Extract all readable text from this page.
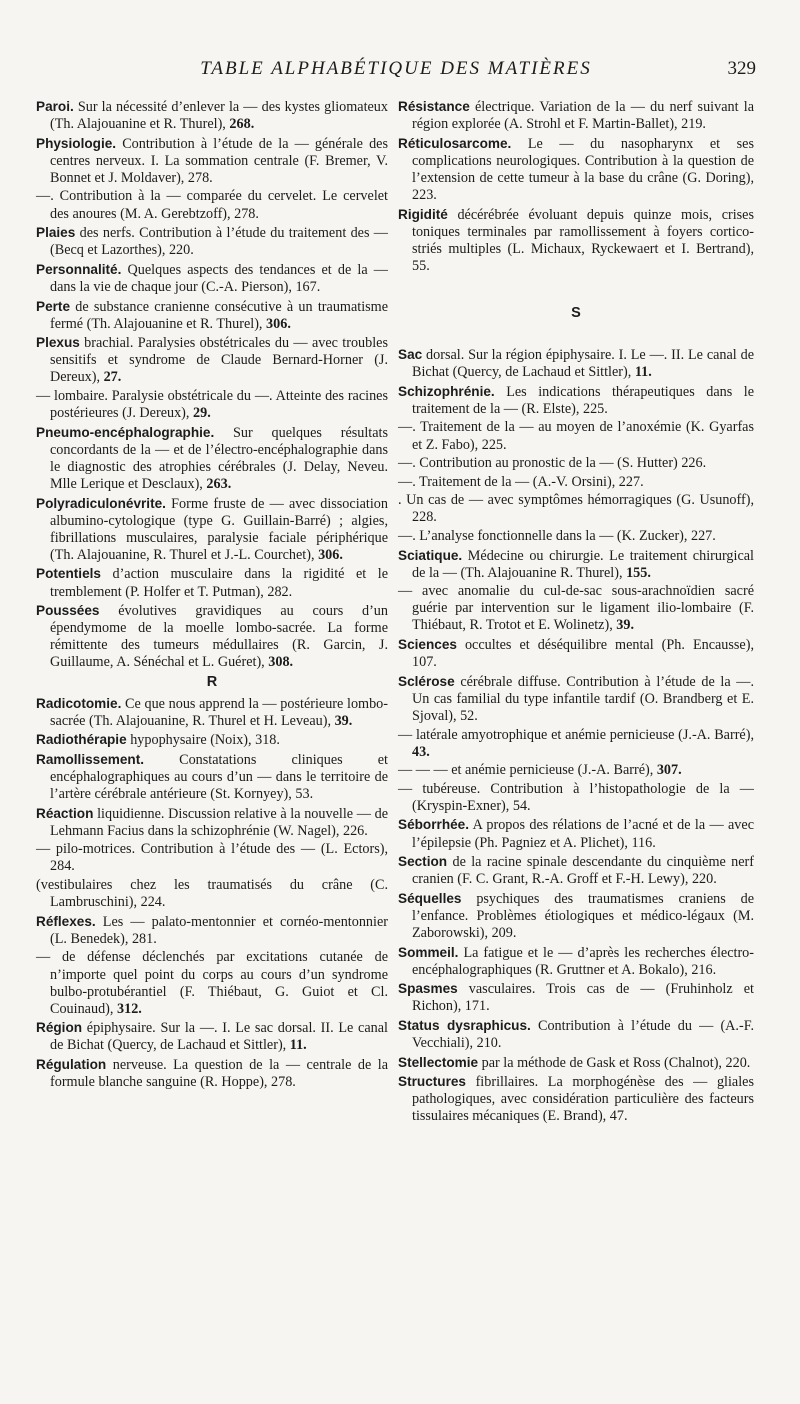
TABLE ALPHABÉTIQUE DES MATIÈRES	329

Paroi. Sur la nécessité d’enlever la — des kystes gliomateux (Th. Alajouanine et R. Thurel), 268.

Physiologie. Contribution à l’étude de la — générale des centres nerveux. I. La sommation centrale (F. Bremer, V. Bonnet et J. Moldaver), 278.

—. Contribution à la — comparée du cervelet. Le cervelet des anoures (M. A. Gerebtzoff), 278.

Plaies des nerfs. Contribution à l’étude du traitement des — (Becq et Lazorthes), 220.

Personnalité. Quelques aspects des tendances et de la — dans la vie de chaque jour (C.-A. Pierson), 167.

Perte de substance cranienne consécutive à un traumatisme fermé (Th. Alajouanine et R. Thurel), 306.

Plexus brachial. Paralysies obstétricales du — avec troubles sensitifs et syndrome de Claude Bernard-Horner (J. Dereux), 27.

— lombaire. Paralysie obstétricale du —. Atteinte des racines postérieures (J. Dereux), 29.

Pneumo-encéphalographie. Sur quelques résultats concordants de la — et de l’électro-encéphalographie dans le diagnostic des atrophies cérébrales (J. Delay, Neveu. Mlle Lerique et Desclaux), 263.

Polyradiculonévrite. Forme fruste de — avec dissociation albumino-cytologique (type G. Guillain-Barré) ; algies, fibrillations musculaires, paralysie faciale périphérique (Th. Alajouanine, R. Thurel et J.-L. Courchet), 306.

Potentiels d’action musculaire dans la rigidité et le tremblement (P. Holfer et T. Putman), 282.

Poussées évolutives gravidiques au cours d’un épendymome de la moelle lombo-sacrée. La forme rémittente des tumeurs médullaires (R. Garcin, J. Guillaume, A. Sénéchal et L. Guéret), 308.

R

Radicotomie. Ce que nous apprend la — postérieure lombo-sacrée (Th. Alajouanine, R. Thurel et H. Leveau), 39.

Radiothérapie hypophysaire (Noix), 318.

Ramollissement. Constatations cliniques et encéphalographiques au cours d’un — dans le territoire de l’artère cérébrale antérieure (St. Kornyey), 53.

Réaction liquidienne. Discussion relative à la nouvelle — de Lehmann Facius dans la schizophrénie (W. Nagel), 226.

— pilo-motrices. Contribution à l’étude des — (L. Ectors), 284.

(vestibulaires chez les traumatisés du crâne (C. Lambruschini), 224.

Réflexes. Les — palato-mentonnier et cornéo-mentonnier (L. Benedek), 281.

— de défense déclenchés par excitations cutanée de n’importe quel point du corps au cours d’un syndrome bulbo-protubérantiel (F. Thiébaut, G. Guiot et Cl. Couinaud), 312.

Région épiphysaire. Sur la —. I. Le sac dorsal. II. Le canal de Bichat (Quercy, de Lachaud et Sittler), 11.

Régulation nerveuse. La question de la — centrale de la formule blanche sanguine (R. Hoppe), 278.

Résistance électrique. Variation de la — du nerf suivant la région explorée (A. Strohl et F. Martin-Ballet), 219.

Réticulosarcome. Le — du nasopharynx et ses complications neurologiques. Contribution à la question de l’extension de cette tumeur à la base du crâne (G. Doring), 223.

Rigidité décérébrée évoluant depuis quinze mois, crises toniques terminales par ramollissement à foyers cortico-striés multiples (L. Michaux, Ryckewaert et I. Bertrand), 55.

S

Sac dorsal. Sur la région épiphysaire. I. Le —. II. Le canal de Bichat (Quercy, de Lachaud et Sittler), 11.

Schizophrénie. Les indications thérapeutiques dans le traitement de la — (R. Elste), 225.

—. Traitement de la — au moyen de l’anoxémie (K. Gyarfas et Z. Fabo), 225.

—. Contribution au pronostic de la — (S. Hutter) 226.

—. Traitement de la — (A.-V. Orsini), 227.

. Un cas de — avec symptômes hémorragiques (G. Usunoff), 228.

—. L’analyse fonctionnelle dans la — (K. Zucker), 227.

Sciatique. Médecine ou chirurgie. Le traitement chirurgical de la — (Th. Alajouanine R. Thurel), 155.

— avec anomalie du cul-de-sac sous-arachnoïdien sacré guérie par intervention sur le ligament ilio-lombaire (F. Thiébaut, R. Trotot et E. Wolinetz), 39.

Sciences occultes et déséquilibre mental (Ph. Encausse), 107.

Sclérose cérébrale diffuse. Contribution à l’étude de la —. Un cas familial du type infantile tardif (O. Brandberg et E. Sjoval), 52.

— latérale amyotrophique et anémie pernicieuse (J.-A. Barré), 43.

— — — et anémie pernicieuse (J.-A. Barré), 307.

— tubéreuse. Contribution à l’histopathologie de la — (Kryspin-Exner), 54.

Séborrhée. A propos des rélations de l’acné et de la — avec l’épilepsie (Ph. Pagniez et A. Plichet), 116.

Section de la racine spinale descendante du cinquième nerf cranien (F. C. Grant, R.-A. Groff et F.-H. Lewy), 220.

Séquelles psychiques des traumatismes craniens de l’enfance. Problèmes étiologiques et médico-légaux (M. Zaborowski), 209.

Sommeil. La fatigue et le — d’après les recherches électro-encéphalographiques (R. Gruttner et A. Bokalo), 216.

Spasmes vasculaires. Trois cas de — (Fruhinholz et Richon), 171.

Status dysraphicus. Contribution à l’étude du — (A.-F. Vecchiali), 210.

Stellectomie par la méthode de Gask et Ross (Chalnot), 220.

Structures fibrillaires. La morphogénèse des — gliales pathologiques, avec considération particulière des facteurs tissulaires mécaniques (E. Brand), 47.
